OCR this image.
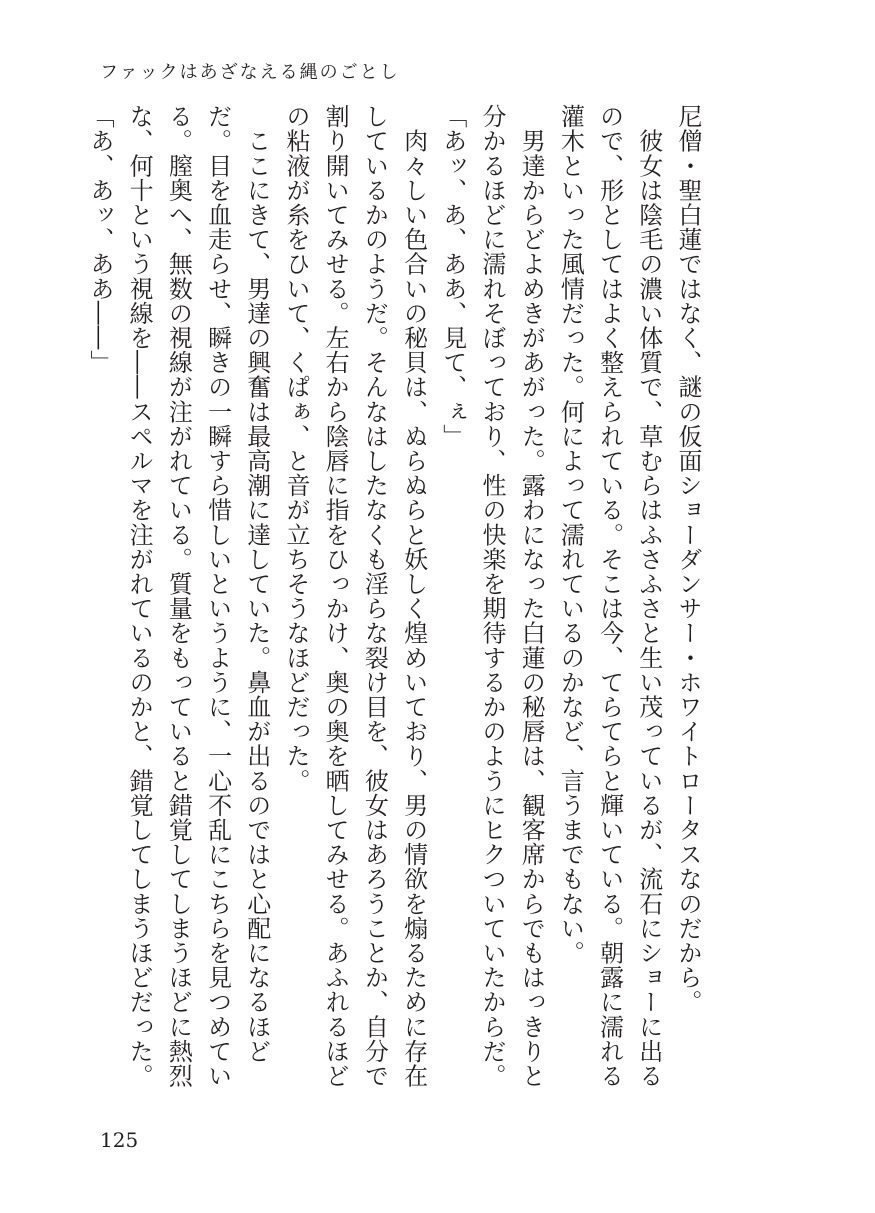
ファックはあざなえる縄のごとし

尼僧・聖白蓮ではなく、謎の仮面ショーダンサー・ホワイトロータスなのだから。

　彼女は陰毛の濃い体質で、草むらはふさふさと生い茂っているが、流石にショーに出る

ので、形としてはよく整えられている。そこは今、てらてらと輝いている。朝露に濡れる

灌木といった風情だった。何によって濡れているのかなど、言うまでもない。

　男達からどよめきがあがった。露わになった白蓮の秘唇は、観客席からでもはっきりと

分かるほどに濡れそぼっており、性の快楽を期待するかのようにヒクついていたからだ。

「あッ、あ、ああ、見て、ぇ」

　肉々しい色合いの秘貝は、ぬらぬらと妖しく煌めいており、男の情欲を煽るために存在

しているかのようだ。そんなはしたなくも淫らな裂け目を、彼女はあろうことか、自分で

割り開いてみせる。左右から陰唇に指をひっかけ、奥の奥を晒してみせる。あふれるほど

の粘液が糸をひいて、くぱぁ、と音が立ちそうなほどだった。

　ここにきて、男達の興奮は最高潮に達していた。鼻血が出るのではと心配になるほど

だ。目を血走らせ、瞬きの一瞬すら惜しいというように、一心不乱にこちらを見つめてい

る。膣奥へ、無数の視線が注がれている。質量をもっていると錯覚してしまうほどに熱烈

な、何十という視線を――スペルマを注がれているのかと、錯覚してしまうほどだった。

「あ、あッ、ああ――」

125
